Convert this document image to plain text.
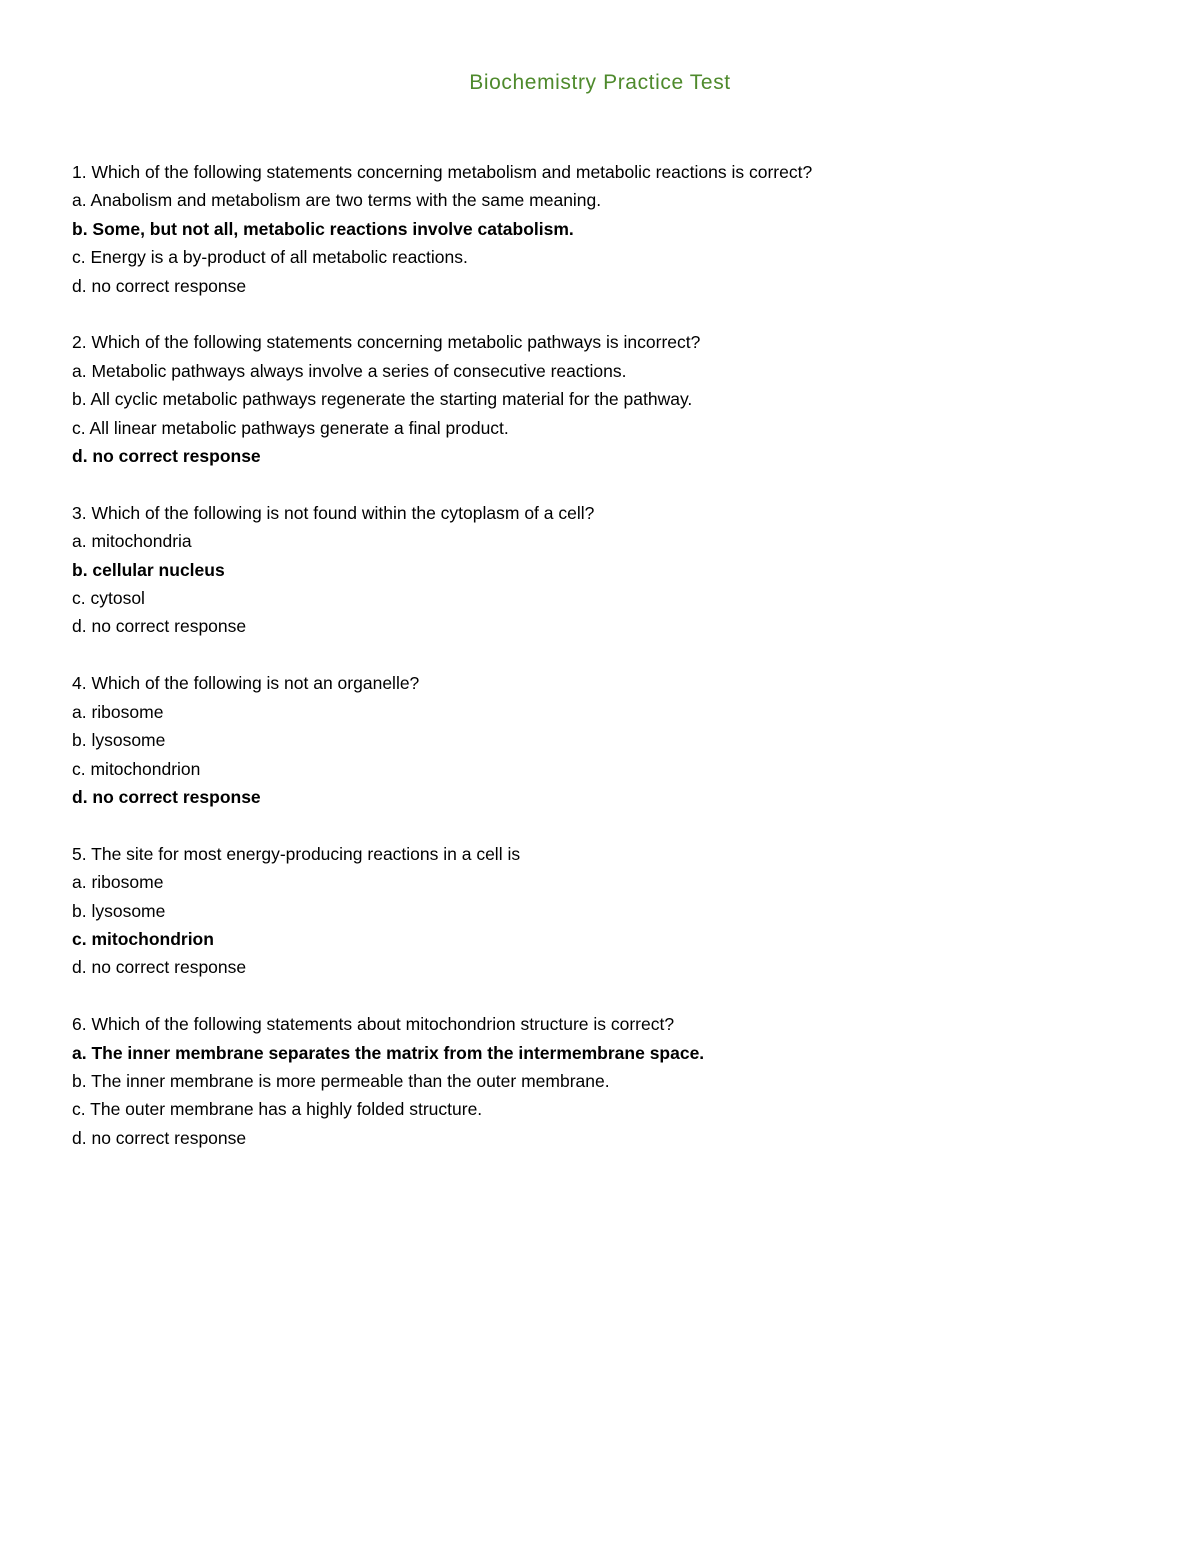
Biochemistry Practice Test
1. Which of the following statements concerning metabolism and metabolic reactions is correct?
a. Anabolism and metabolism are two terms with the same meaning.
b. Some, but not all, metabolic reactions involve catabolism.
c. Energy is a by-product of all metabolic reactions.
d. no correct response
2. Which of the following statements concerning metabolic pathways is incorrect?
a. Metabolic pathways always involve a series of consecutive reactions.
b. All cyclic metabolic pathways regenerate the starting material for the pathway.
c. All linear metabolic pathways generate a final product.
d. no correct response
3. Which of the following is not found within the cytoplasm of a cell?
a. mitochondria
b. cellular nucleus
c. cytosol
d. no correct response
4. Which of the following is not an organelle?
a. ribosome
b. lysosome
c. mitochondrion
d. no correct response
5. The site for most energy-producing reactions in a cell is
a. ribosome
b. lysosome
c. mitochondrion
d. no correct response
6. Which of the following statements about mitochondrion structure is correct?
a. The inner membrane separates the matrix from the intermembrane space.
b. The inner membrane is more permeable than the outer membrane.
c. The outer membrane has a highly folded structure.
d. no correct response
